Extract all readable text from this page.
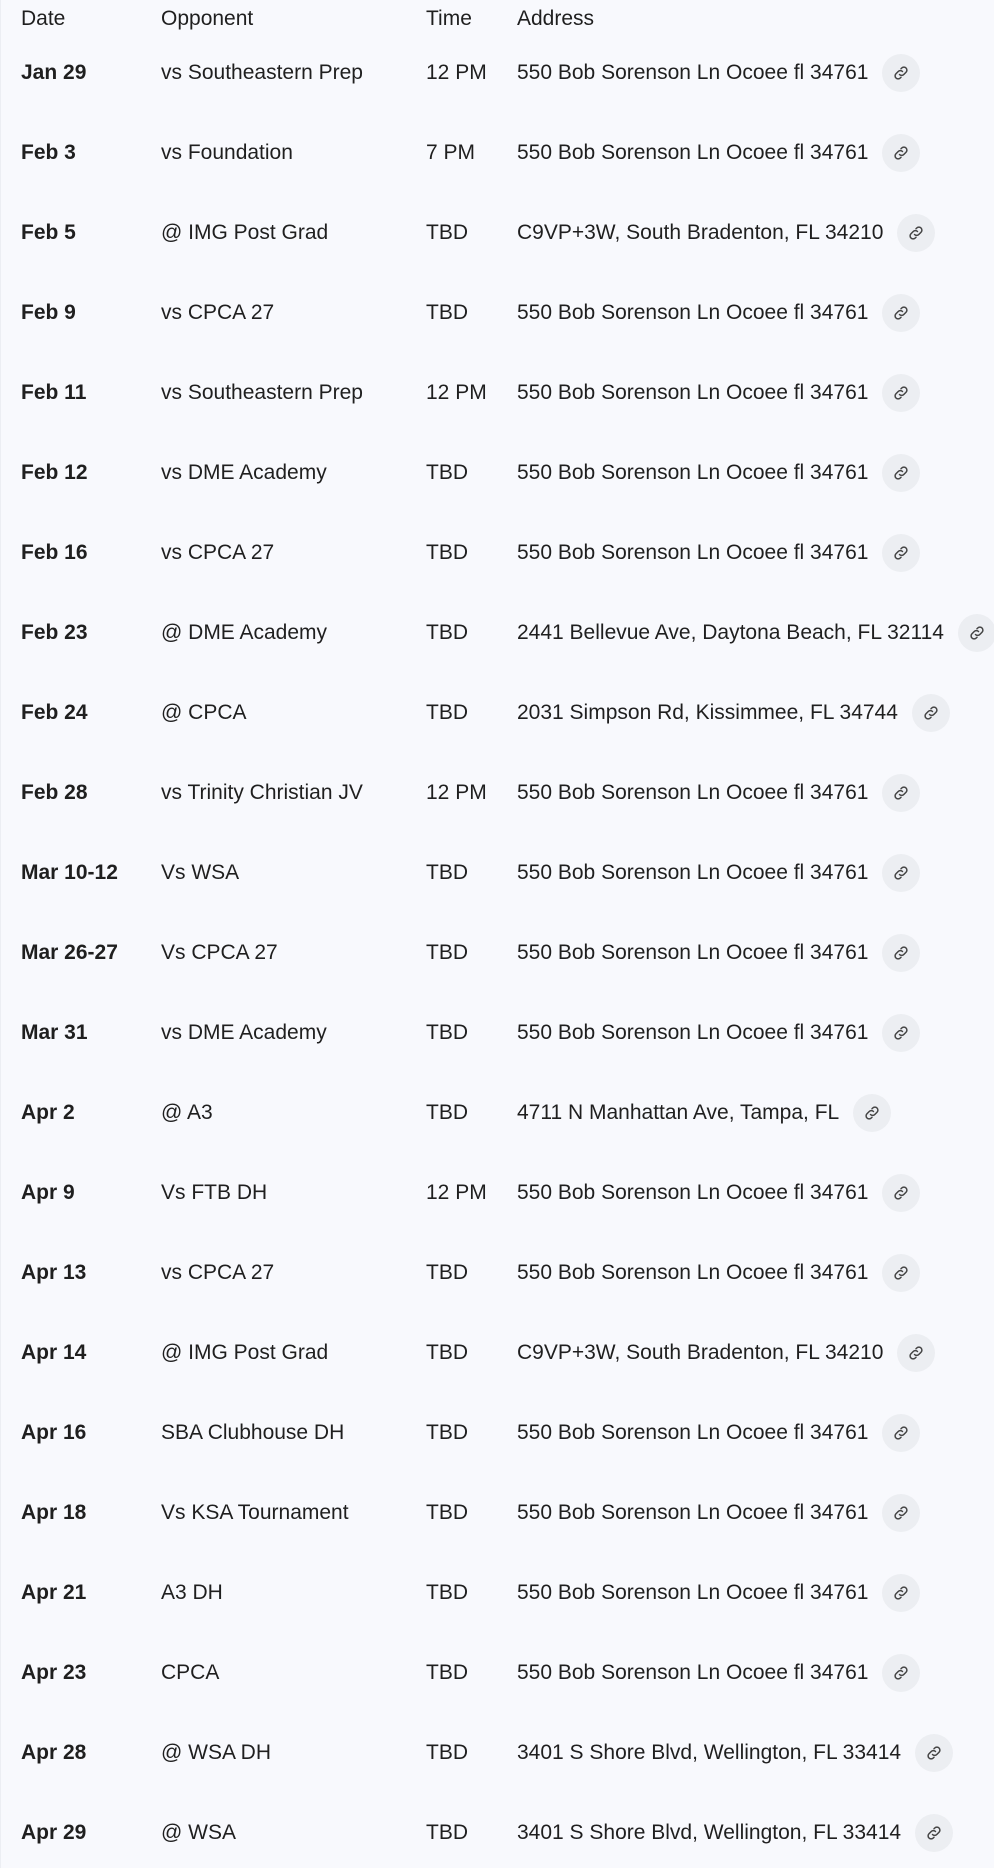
Date	Opponent	Time Address
Jan 29	vs Southeastern Prep	12 PM 550 Bob Sorenson Ln Ocoee fl 34761
Feb 3	vs Foundation	7 PM 550 Bob Sorenson Ln Ocoee fl 34761
Feb 5	@ IMG Post Grad	TBD C9VP+3W, South Bradenton, FL 34210
Feb 9	vs CPCA 27	TBD 550 Bob Sorenson Ln Ocoee fl 34761
Feb 11	vs Southeastern Prep	12 PM 550 Bob Sorenson Ln Ocoee fl 34761
Feb 12	vs DME Academy	TBD 550 Bob Sorenson Ln Ocoee fl 34761
Feb 16	vs CPCA 27	TBD 550 Bob Sorenson Ln Ocoee fl 34761
Feb 23	@ DME Academy	TBD 2441 Bellevue Ave, Daytona Beach, FL 32114
Feb 24	@ CPCA	TBD 2031 Simpson Rd, Kissimmee, FL 34744
Feb 28	vs Trinity Christian JV	12 PM 550 Bob Sorenson Ln Ocoee fl 34761
Mar 10-12 Vs WSA	TBD 550 Bob Sorenson Ln Ocoee fl 34761
Mar 26-27 Vs CPCA 27	TBD 550 Bob Sorenson Ln Ocoee fl 34761
Mar 31	vs DME Academy	TBD 550 Bob Sorenson Ln Ocoee fl 34761
Apr 2	@ A3	TBD 4711 N Manhattan Ave, Tampa, FL
Apr 9	Vs FTB DH	12 PM 550 Bob Sorenson Ln Ocoee fl 34761
Apr 13	vs CPCA 27	TBD 550 Bob Sorenson Ln Ocoee fl 34761
Apr 14	@ IMG Post Grad	TBD C9VP+3W, South Bradenton, FL 34210
Apr 16	SBA Clubhouse DH	TBD 550 Bob Sorenson Ln Ocoee fl 34761
Apr 18	Vs KSA Tournament	TBD 550 Bob Sorenson Ln Ocoee fl 34761
Apr 21	A3 DH	TBD 550 Bob Sorenson Ln Ocoee fl 34761
Apr 23	CPCA	TBD 550 Bob Sorenson Ln Ocoee fl 34761
Apr 28	@ WSA DH	TBD 3401 S Shore Blvd, Wellington, FL 33414
Apr 29	@ WSA	TBD 3401 S Shore Blvd, Wellington, FL 33414
